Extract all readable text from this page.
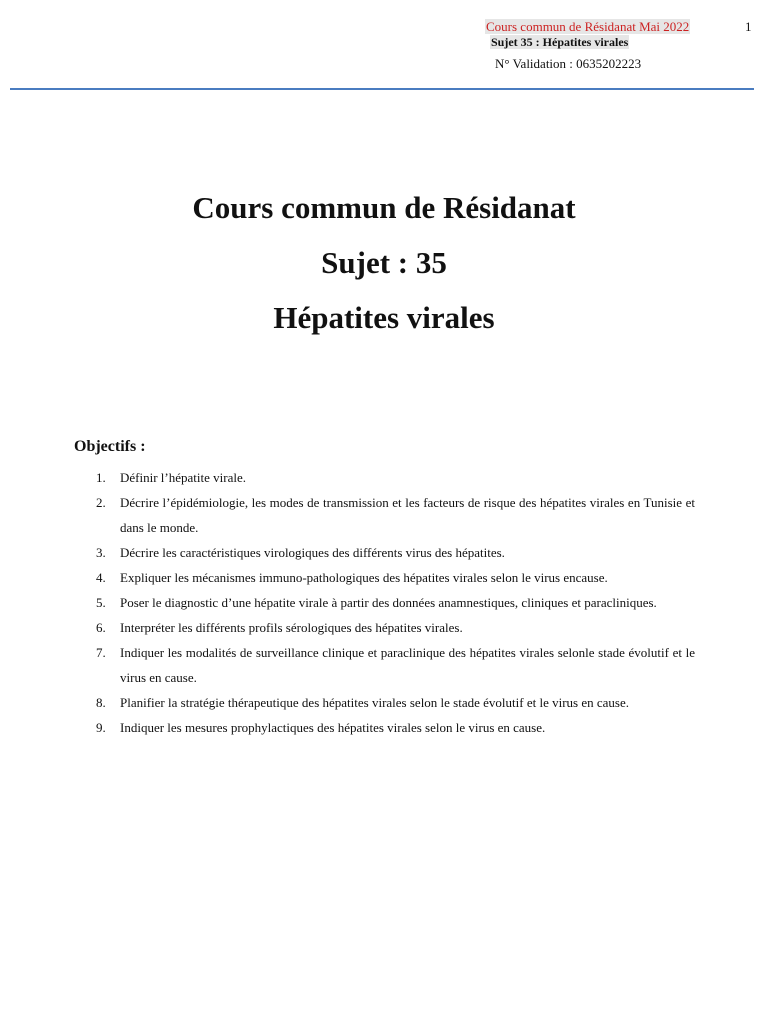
Cours commun de Résidanat Mai 2022	1
Sujet 35 : Hépatites virales
N° Validation : 0635202223
Cours commun de Résidanat
Sujet : 35
Hépatites virales
Objectifs :
1. Définir l’hépatite virale.
2. Décrire l’épidémiologie, les modes de transmission et les facteurs de risque des hépatites virales en Tunisie et dans le monde.
3. Décrire les caractéristiques virologiques des différents virus des hépatites.
4. Expliquer les mécanismes immuno-pathologiques des hépatites virales selon le virus encause.
5. Poser le diagnostic d’une hépatite virale à partir des données anamnestiques, cliniques et paracliniques.
6. Interpréter les différents profils sérologiques des hépatites virales.
7. Indiquer les modalités de surveillance clinique et paraclinique des hépatites virales selonle stade évolutif et le virus en cause.
8. Planifier la stratégie thérapeutique des hépatites virales selon le stade évolutif et le virus en cause.
9. Indiquer les mesures prophylactiques des hépatites virales selon le virus en cause.
